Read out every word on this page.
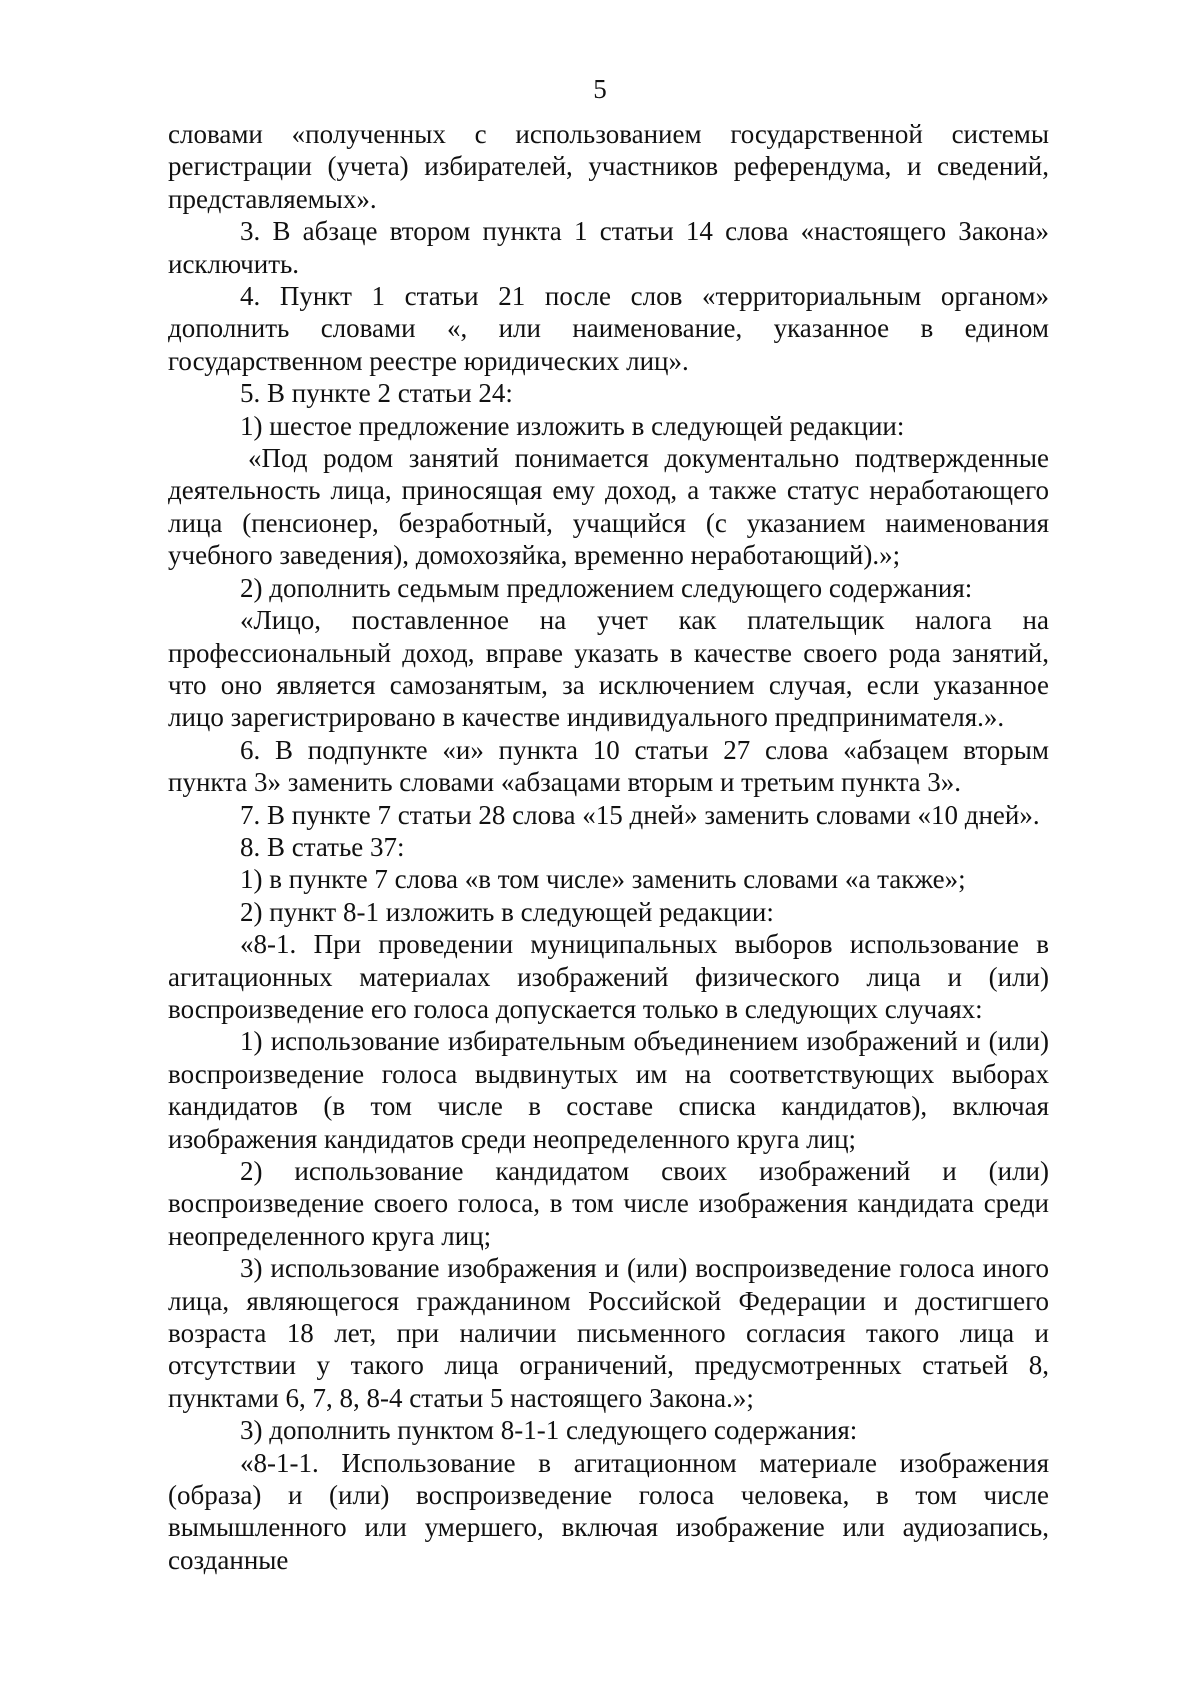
5

словами «полученных с использованием государственной системы регистрации (учета) избирателей, участников референдума, и сведений, представляемых».

3. В абзаце втором пункта 1 статьи 14 слова «настоящего Закона» исключить.

4. Пункт 1 статьи 21 после слов «территориальным органом» дополнить словами «, или наименование, указанное в едином государственном реестре юридических лиц».

5. В пункте 2 статьи 24:

1) шестое предложение изложить в следующей редакции:

«Под родом занятий понимается документально подтвержденные деятельность лица, приносящая ему доход, а также статус неработающего лица (пенсионер, безработный, учащийся (с указанием наименования учебного заведения), домохозяйка, временно неработающий).»;

2) дополнить седьмым предложением следующего содержания:

«Лицо, поставленное на учет как плательщик налога на профессиональный доход, вправе указать в качестве своего рода занятий, что оно является самозанятым, за исключением случая, если указанное лицо зарегистрировано в качестве индивидуального предпринимателя.».

6. В подпункте «и» пункта 10 статьи 27 слова «абзацем вторым пункта 3» заменить словами «абзацами вторым и третьим пункта 3».

7. В пункте 7 статьи 28 слова «15 дней» заменить словами «10 дней».

8. В статье 37:

1) в пункте 7 слова «в том числе» заменить словами «а также»;

2) пункт 8-1 изложить в следующей редакции:

«8-1. При проведении муниципальных выборов использование в агитационных материалах изображений физического лица и (или) воспроизведение его голоса допускается только в следующих случаях:

1) использование избирательным объединением изображений и (или) воспроизведение голоса выдвинутых им на соответствующих выборах кандидатов (в том числе в составе списка кандидатов), включая изображения кандидатов среди неопределенного круга лиц;

2) использование кандидатом своих изображений и (или) воспроизведение своего голоса, в том числе изображения кандидата среди неопределенного круга лиц;

3) использование изображения и (или) воспроизведение голоса иного лица, являющегося гражданином Российской Федерации и достигшего возраста 18 лет, при наличии письменного согласия такого лица и отсутствии у такого лица ограничений, предусмотренных статьей 8, пунктами 6, 7, 8, 8-4 статьи 5 настоящего Закона.»;

3) дополнить пунктом 8-1-1 следующего содержания:

«8-1-1. Использование в агитационном материале изображения (образа) и (или) воспроизведение голоса человека, в том числе вымышленного или умершего, включая изображение или аудиозапись, созданные
